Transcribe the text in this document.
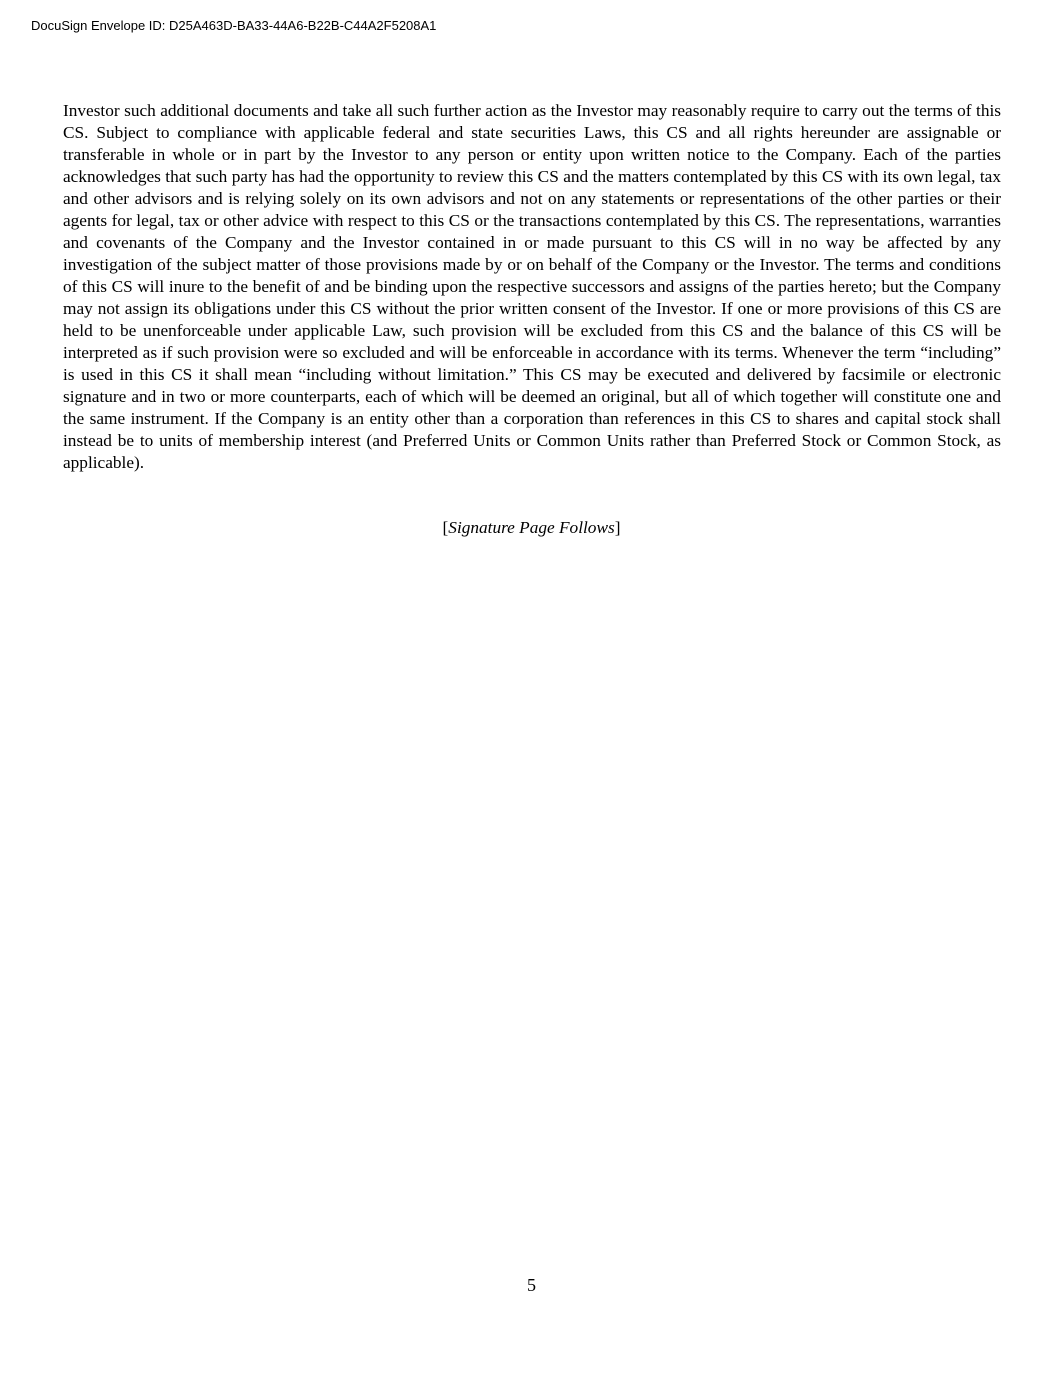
DocuSign Envelope ID: D25A463D-BA33-44A6-B22B-C44A2F5208A1

Investor such additional documents and take all such further action as the Investor may reasonably require to carry out the terms of this CS. Subject to compliance with applicable federal and state securities Laws, this CS and all rights hereunder are assignable or transferable in whole or in part by the Investor to any person or entity upon written notice to the Company. Each of the parties acknowledges that such party has had the opportunity to review this CS and the matters contemplated by this CS with its own legal, tax and other advisors and is relying solely on its own advisors and not on any statements or representations of the other parties or their agents for legal, tax or other advice with respect to this CS or the transactions contemplated by this CS. The representations, warranties and covenants of the Company and the Investor contained in or made pursuant to this CS will in no way be affected by any investigation of the subject matter of those provisions made by or on behalf of the Company or the Investor. The terms and conditions of this CS will inure to the benefit of and be binding upon the respective successors and assigns of the parties hereto; but the Company may not assign its obligations under this CS without the prior written consent of the Investor. If one or more provisions of this CS are held to be unenforceable under applicable Law, such provision will be excluded from this CS and the balance of this CS will be interpreted as if such provision were so excluded and will be enforceable in accordance with its terms. Whenever the term “including” is used in this CS it shall mean “including without limitation.” This CS may be executed and delivered by facsimile or electronic signature and in two or more counterparts, each of which will be deemed an original, but all of which together will constitute one and the same instrument. If the Company is an entity other than a corporation than references in this CS to shares and capital stock shall instead be to units of membership interest (and Preferred Units or Common Units rather than Preferred Stock or Common Stock, as applicable).

[Signature Page Follows]
5
